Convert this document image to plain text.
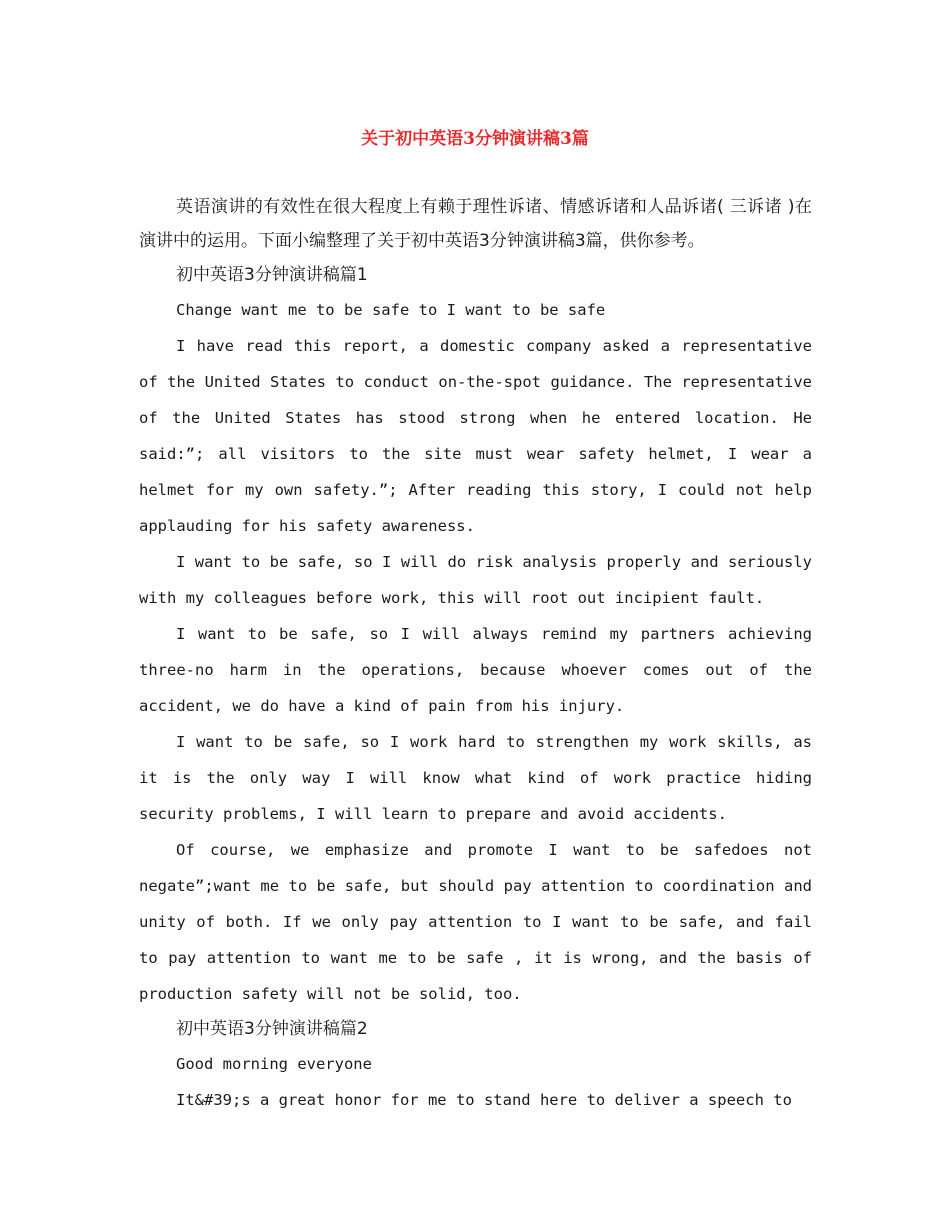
关于初中英语3分钟演讲稿3篇

英语演讲的有效性在很大程度上有赖于理性诉诸、情感诉诸和人品诉诸( 三诉诸 )在演讲中的运用。下面小编整理了关于初中英语3分钟演讲稿3篇，供你参考。

初中英语3分钟演讲稿篇1

Change want me to be safe to I want to be safe

I have read this report, a domestic company asked a representative of the United States to conduct on-the-spot guidance. The representative of the United States has stood strong when he entered location. He said:”; all visitors to the site must wear safety helmet, I wear a helmet for my own safety.”; After reading this story, I could not help applauding for his safety awareness.

I want to be safe, so I will do risk analysis properly and seriously with my colleagues before work, this will root out incipient fault.

I want to be safe, so I will always remind my partners achieving three-no harm in the operations, because whoever comes out of the accident, we do have a kind of pain from his injury.

I want to be safe, so I work hard to strengthen my work skills, as it is the only way I will know what kind of work practice hiding security problems, I will learn to prepare and avoid accidents.

Of course, we emphasize and promote I want to be safedoes not negate”;want me to be safe, but should pay attention to coordination and unity of both. If we only pay attention to I want to be safe, and fail to pay attention to want me to be safe , it is wrong, and the basis of production safety will not be solid, too.

初中英语3分钟演讲稿篇2

Good morning everyone

It&#39;s a great honor for me to stand here to deliver a speech to
